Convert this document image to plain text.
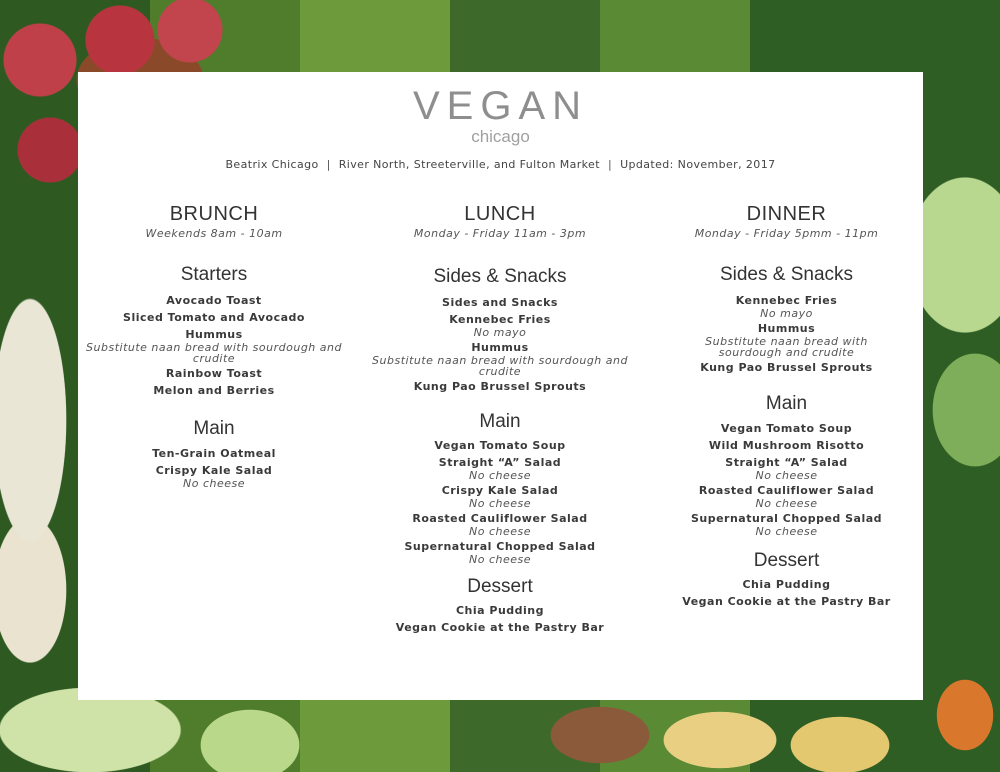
VEGAN
chicago
Beatrix Chicago | River North, Streeterville, and Fulton Market | Updated: November, 2017
BRUNCH
Weekends 8am - 10am
Starters
Avocado Toast
Sliced Tomato and Avocado
Hummus
Substitute naan bread with sourdough and crudite
Rainbow Toast
Melon and Berries
Main
Ten-Grain Oatmeal
Crispy Kale Salad
No cheese
LUNCH
Monday - Friday 11am - 3pm
Sides & Snacks
Sides and Snacks
Kennebec Fries
No mayo
Hummus
Substitute naan bread with sourdough and crudite
Kung Pao Brussel Sprouts
Main
Vegan Tomato Soup
Straight “A” Salad
No cheese
Crispy Kale Salad
No cheese
Roasted Cauliflower Salad
No cheese
Supernatural Chopped Salad
No cheese
Dessert
Chia Pudding
Vegan Cookie at the Pastry Bar
DINNER
Monday - Friday 5pmm - 11pm
Sides & Snacks
Kennebec Fries
No mayo
Hummus
Substitute naan bread with
sourdough and crudite
Kung Pao Brussel Sprouts
Main
Vegan Tomato Soup
Wild Mushroom Risotto
Straight “A” Salad
No cheese
Roasted Cauliflower Salad
No cheese
Supernatural Chopped Salad
No cheese
Dessert
Chia Pudding
Vegan Cookie at the Pastry Bar
